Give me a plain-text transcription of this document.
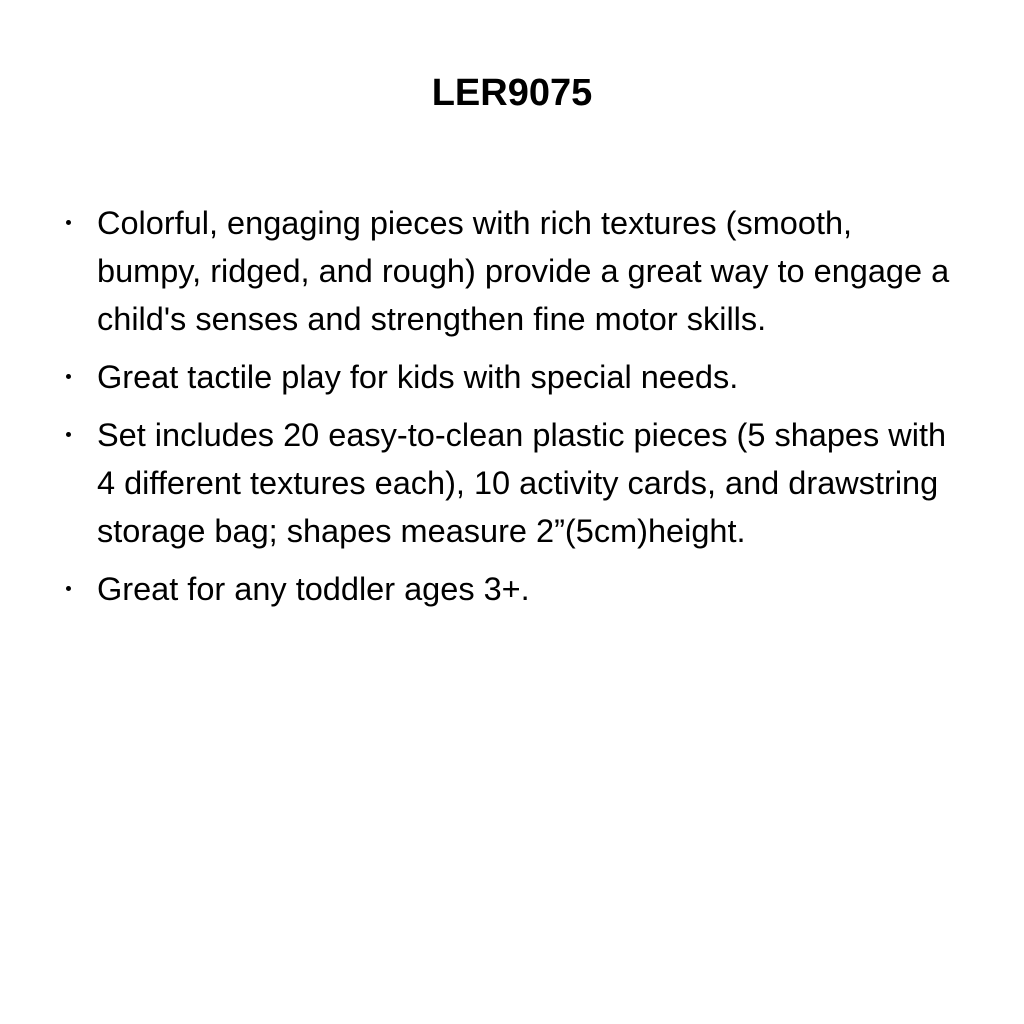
LER9075
Colorful, engaging pieces with rich textures (smooth, bumpy, ridged, and rough) provide a great way to engage a child's senses and strengthen fine motor skills.
Great tactile play for kids with special needs.
Set includes 20 easy-to-clean plastic pieces (5 shapes with 4 different textures each), 10 activity cards, and drawstring storage bag; shapes measure 2”(5cm)height.
Great for any toddler ages 3+.
